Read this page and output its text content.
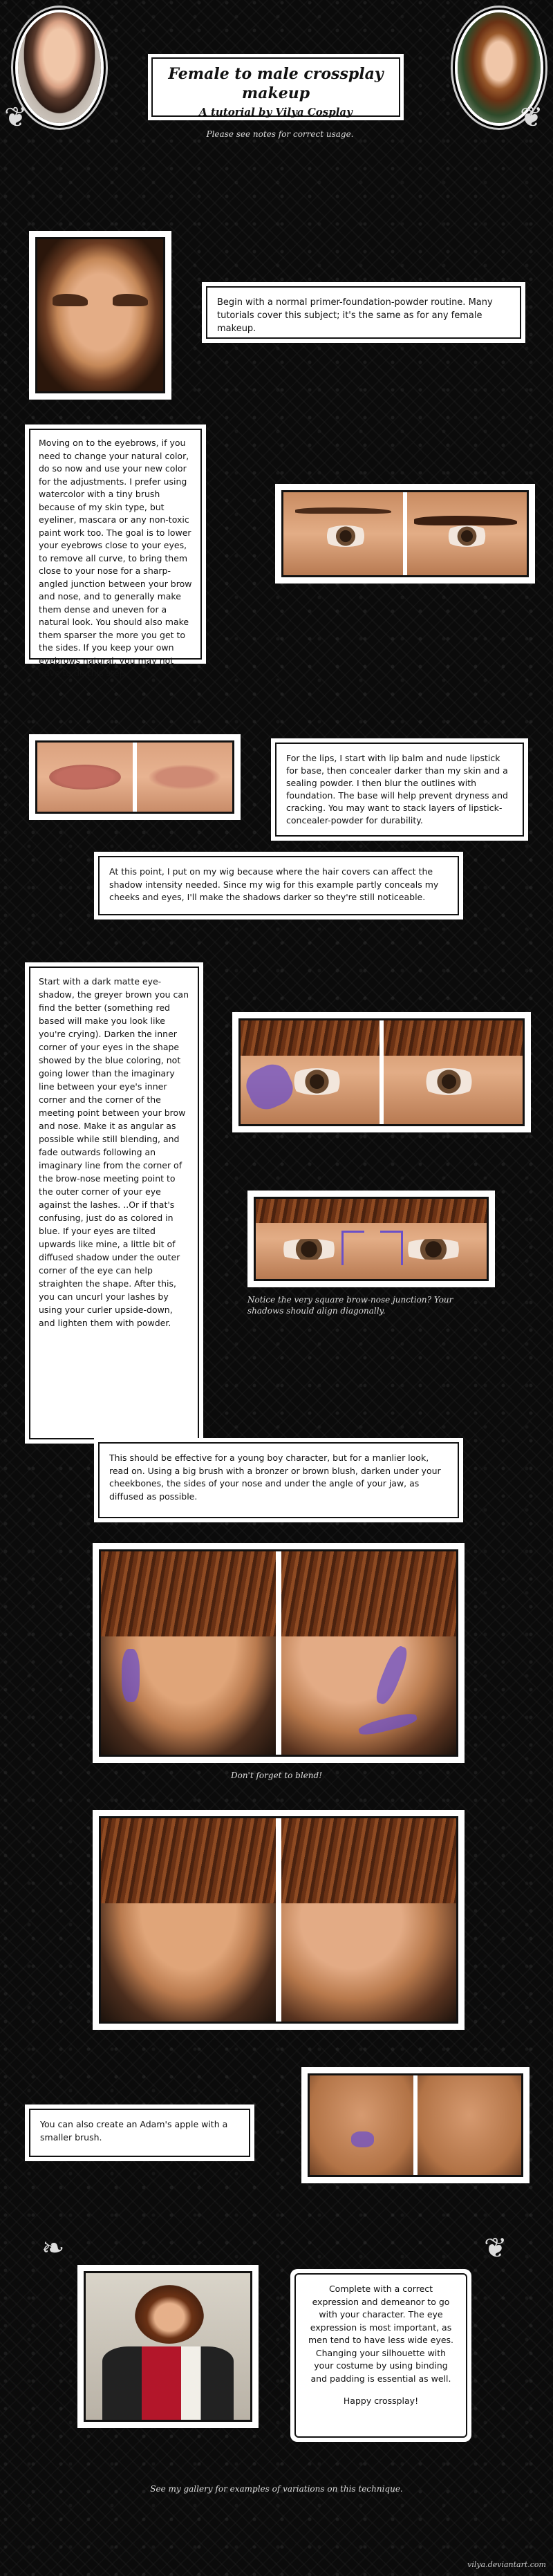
❦
Female to male crossplay makeup
A tutorial by Vilya Cosplay
Please see notes for correct usage.
❦
Begin with a normal primer-foundation-powder routine. Many tutorials cover this subject; it's the same as for any female makeup.
Moving on to the eyebrows, if you need to change your natural color, do so now and use your new color for the adjustments. I prefer using watercolor with a tiny brush because of my skin type, but eyeliner, mascara or any non-toxic paint work too. The goal is to lower your eyebrows close to your eyes, to remove all curve, to bring them close to your nose for a sharp-angled junction between your brow and nose, and to generally make them dense and uneven for a natural look. You should also make them sparser the more you get to the sides. If you keep your own eyebrows natural, you may not have to do this step.
For the lips, I start with lip balm and nude lipstick for base, then concealer darker than my skin and a sealing powder. I then blur the outlines with foundation. The base will help prevent dryness and cracking. You may want to stack layers of lipstick-concealer-powder for durability.
At this point, I put on my wig because where the hair covers can affect the shadow intensity needed. Since my wig for this example partly conceals my cheeks and eyes, I'll make the shadows darker so they're still noticeable.
Start with a dark matte eye-shadow, the greyer brown you can find the better (something red based will make you look like you're crying). Darken the inner corner of your eyes in the shape showed by the blue coloring, not going lower than the imaginary line between your eye's inner corner and the corner of the meeting point between your brow and nose. Make it as angular as possible while still blending, and fade outwards following an imaginary line from the corner of the brow-nose meeting point to the outer corner of your eye against the lashes. ..Or if that's confusing, just do as colored in blue. If your eyes are tilted upwards like mine, a little bit of diffused shadow under the outer corner of the eye can help straighten the shape. After this, you can uncurl your lashes by using your curler upside-down, and lighten them with powder.
Notice the very square brow-nose junction? Your shadows should align diagonally.
This should be effective for a young boy character, but for a manlier look, read on. Using a big brush with a bronzer or brown blush, darken under your cheekbones, the sides of your nose and under the angle of your jaw, as diffused as possible.
Don't forget to blend!
You can also create an Adam's apple with a smaller brush.
❧	❦
Complete with a correct expression and demeanor to go with your character. The eye expression is most important, as men tend to have less wide eyes. Changing your silhouette with your costume by using binding and padding is essential as well.
Happy crossplay!
See my gallery for examples of variations on this technique.
vilya.deviantart.com
